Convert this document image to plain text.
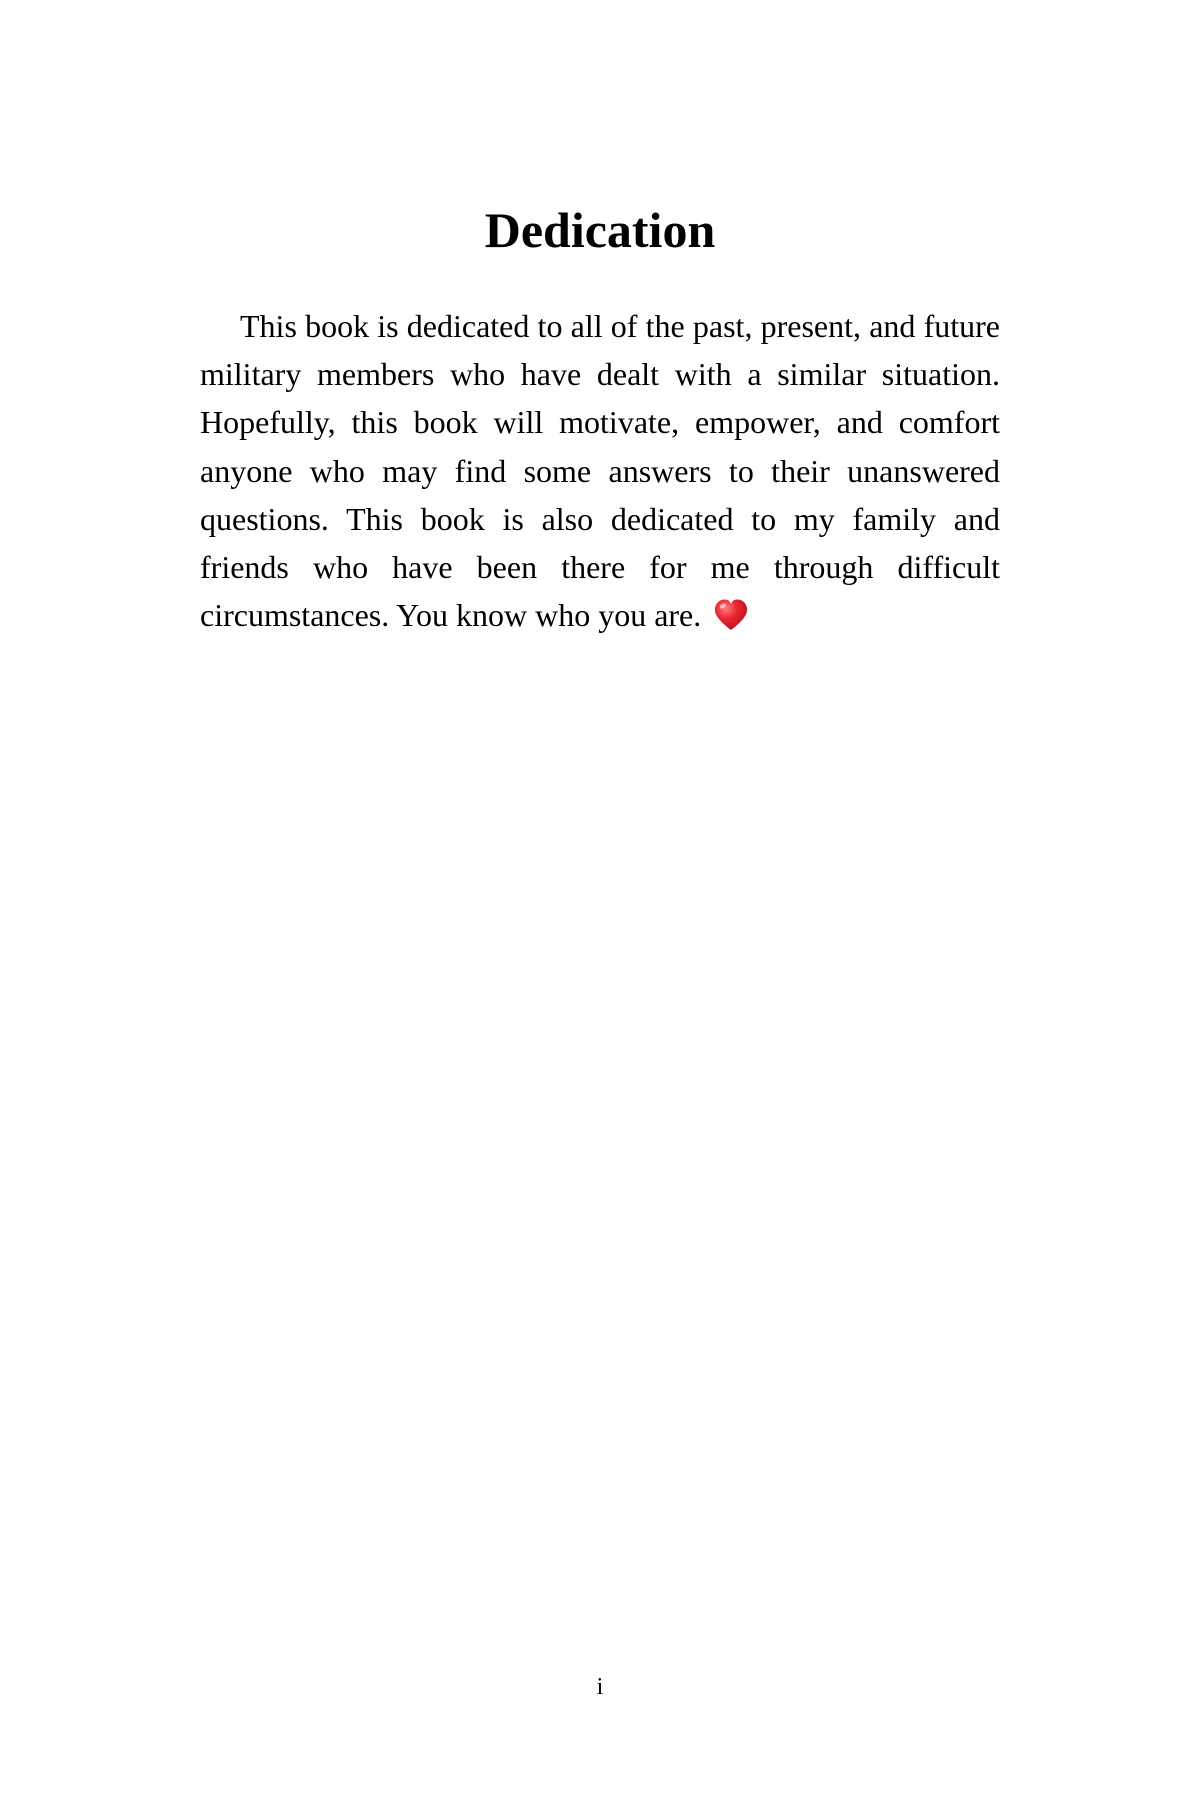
Dedication

This book is dedicated to all of the past, present, and future military members who have dealt with a similar situation. Hopefully, this book will motivate, empower, and comfort anyone who may find some answers to their unanswered questions. This book is also dedicated to my family and friends who have been there for me through difficult circumstances. You know who you are.

i
